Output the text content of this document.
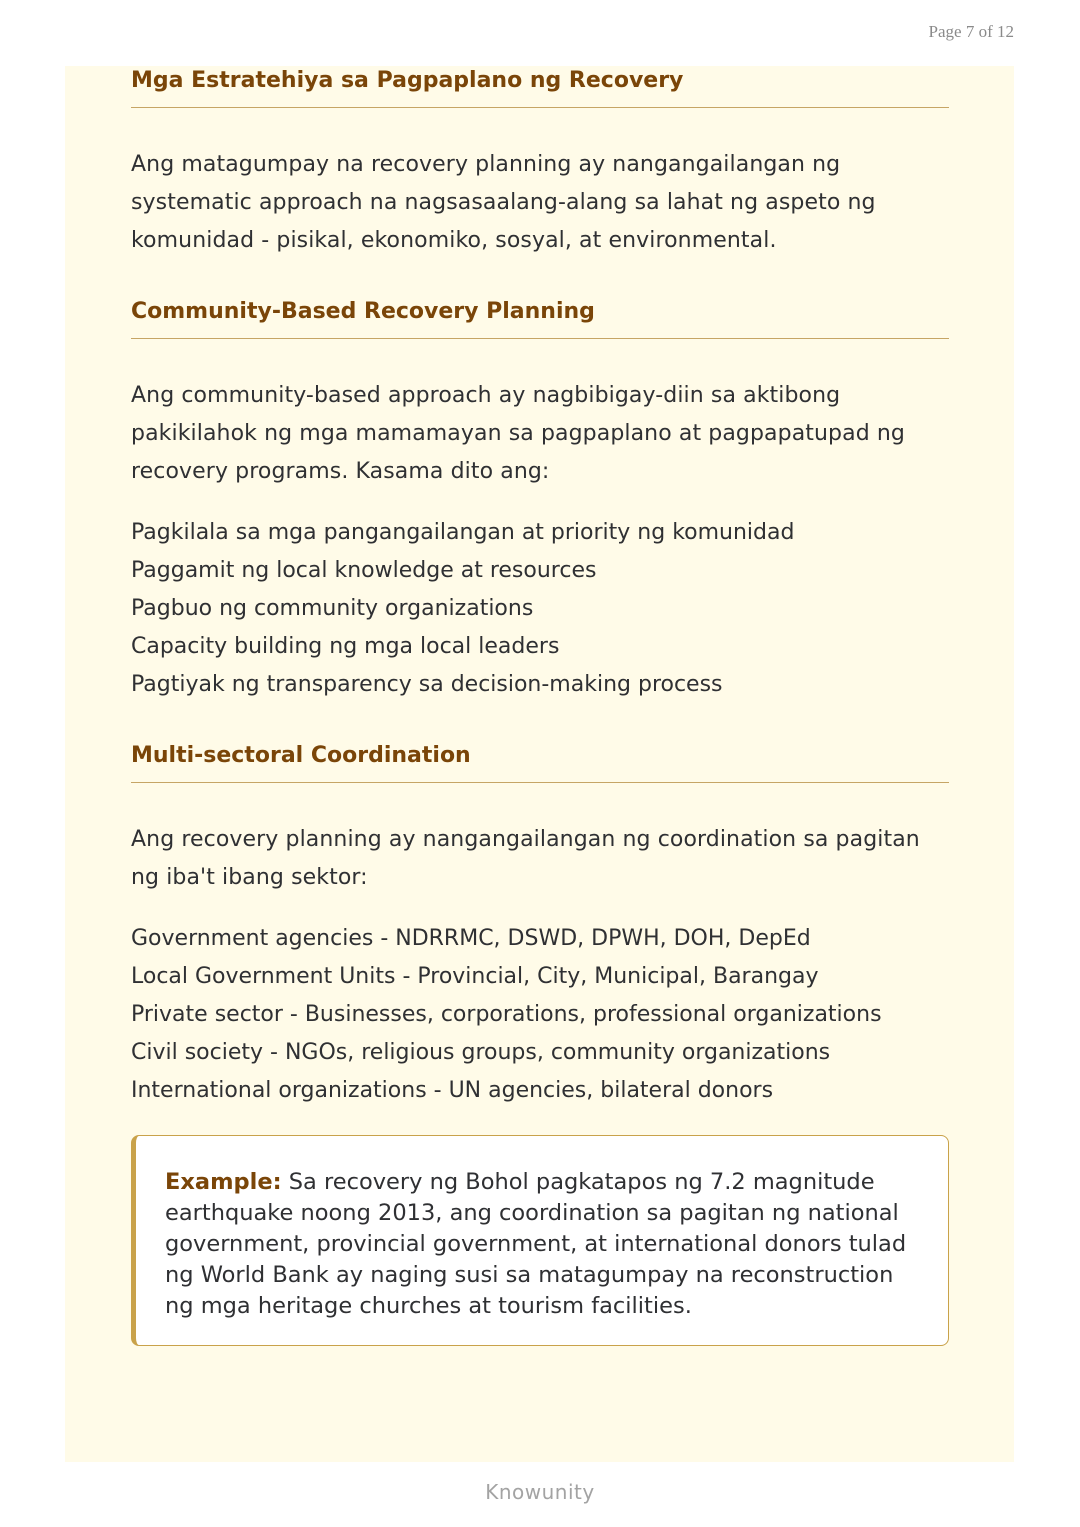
Page 7 of 12
Mga Estratehiya sa Pagpaplano ng Recovery

Ang matagumpay na recovery planning ay nangangailangan ng systematic approach na nagsasaalang-alang sa lahat ng aspeto ng komunidad - pisikal, ekonomiko, sosyal, at environmental.

Community-Based Recovery Planning

Ang community-based approach ay nagbibigay-diin sa aktibong pakikilahok ng mga mamamayan sa pagpaplano at pagpapatupad ng recovery programs. Kasama dito ang:

Pagkilala sa mga pangangailangan at priority ng komunidad
Paggamit ng local knowledge at resources
Pagbuo ng community organizations
Capacity building ng mga local leaders
Pagtiyak ng transparency sa decision-making process
Multi-sectoral Coordination

Ang recovery planning ay nangangailangan ng coordination sa pagitan ng iba't ibang sektor:

Government agencies - NDRRMC, DSWD, DPWH, DOH, DepEd
Local Government Units - Provincial, City, Municipal, Barangay
Private sector - Businesses, corporations, professional organizations
Civil society - NGOs, religious groups, community organizations
International organizations - UN agencies, bilateral donors

Example: Sa recovery ng Bohol pagkatapos ng 7.2 magnitude earthquake noong 2013, ang coordination sa pagitan ng national government, provincial government, at international donors tulad ng World Bank ay naging susi sa matagumpay na reconstruction ng mga heritage churches at tourism facilities.

Knowunity
